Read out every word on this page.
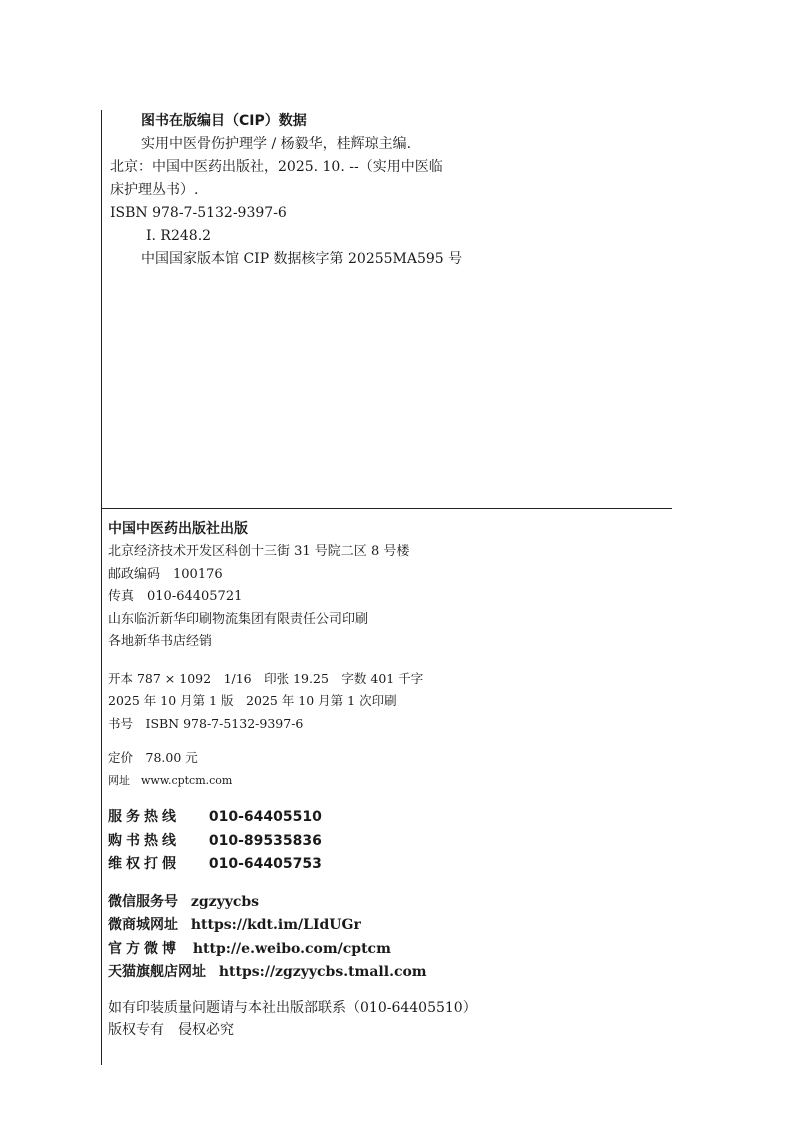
图书在版编目（CIP）数据
实用中医骨伤护理学 / 杨毅华，桂辉琼主编.
北京：中国中医药出版社，2025. 10. --（实用中医临
床护理丛书）.
ISBN 978-7-5132-9397-6
Ⅰ. R248.2
中国国家版本馆 CIP 数据核字第 20255MA595 号
中国中医药出版社出版
北京经济技术开发区科创十三街 31 号院二区 8 号楼
邮政编码　100176
传真　010-64405721
山东临沂新华印刷物流集团有限责任公司印刷
各地新华书店经销
开本 787 × 1092　1/16　印张 19.25　字数 401 千字
2025 年 10 月第 1 版　2025 年 10 月第 1 次印刷
书号　ISBN 978-7-5132-9397-6
定价　78.00 元
网址　www.cptcm.com
服务热线 010-64405510
购书热线 010-89535836
维权打假 010-64405753
微信服务号 zgzyycbs
微商城网址 https://kdt.im/LIdUGr
官方微博 http://e.weibo.com/cptcm
天猫旗舰店网址 https://zgzyycbs.tmall.com
如有印装质量问题请与本社出版部联系（010-64405510）
版权专有　侵权必究
